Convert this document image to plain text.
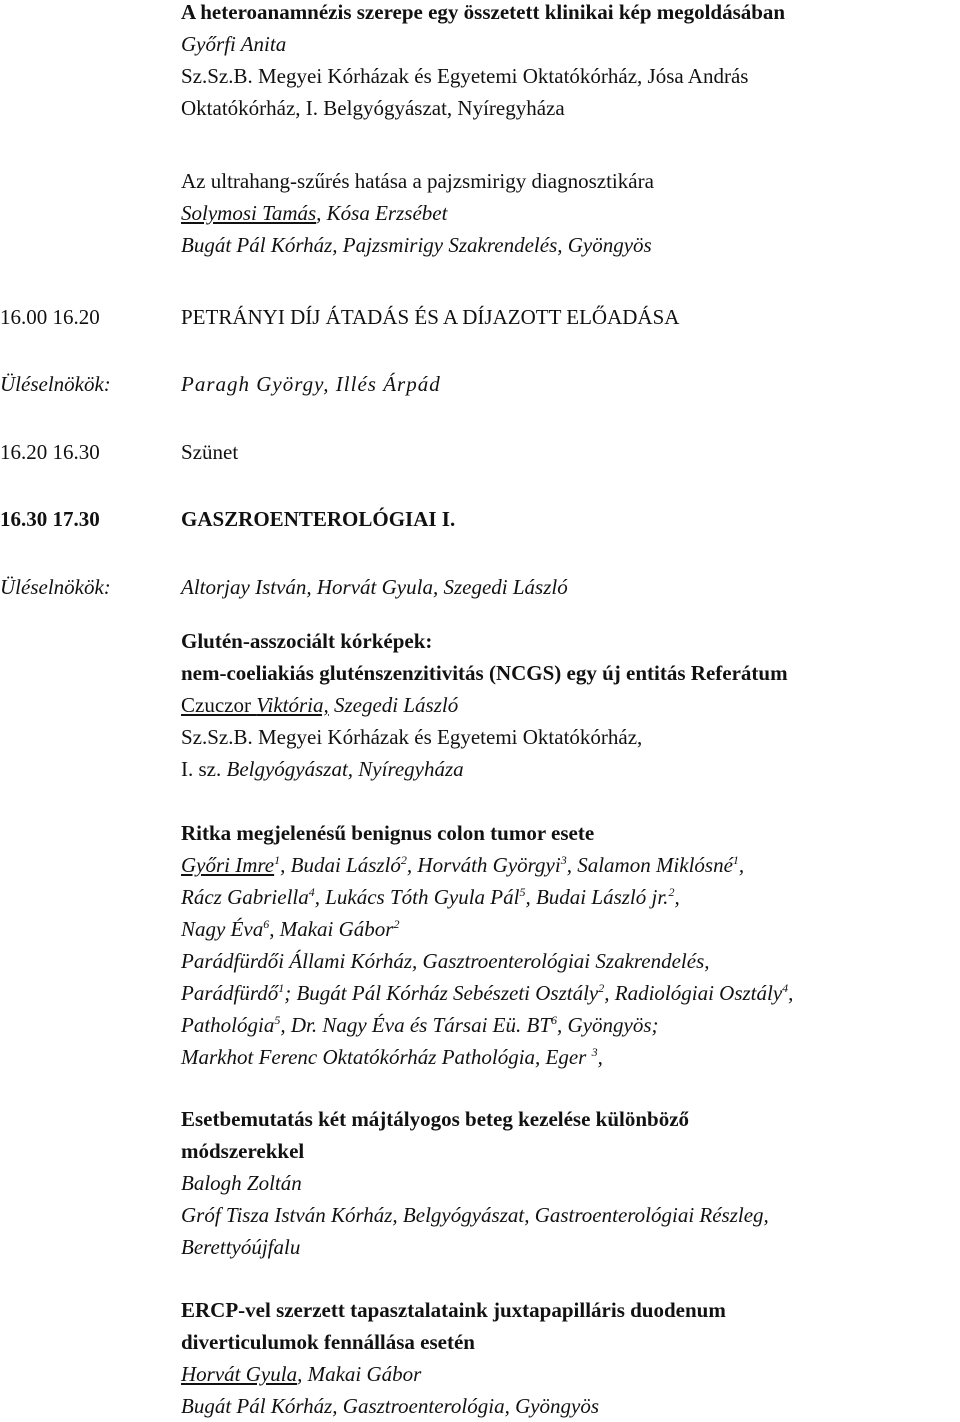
A heteroanamnézis szerepe egy összetett klinikai kép megoldásában
Győrfi Anita
Sz.Sz.B. Megyei Kórházak és Egyetemi Oktatókórház, Jósa András
Oktatókórház, I. Belgyógyászat, Nyíregyháza
Az ultrahang-szűrés hatása a pajzsmirigy diagnosztikára
Solymosi Tamás, Kósa Erzsébet
Bugát Pál Kórház, Pajzsmirigy Szakrendelés, Gyöngyös
16.00 16.20	PETRÁNYI DÍJ ÁTADÁS ÉS A DÍJAZOTT ELŐADÁSA
Üléselnökök:	Paragh György, Illés Árpád
16.20 16.30	Szünet
16.30 17.30	GASZROENTEROLÓGIAI I.
Üléselnökök:	Altorjay István, Horvát Gyula, Szegedi László
Glutén-asszociált kórképek:
nem-coeliakiás gluténszenzitivitás (NCGS) egy új entitás Referátum
Czuczor Viktória, Szegedi László
Sz.Sz.B. Megyei Kórházak és Egyetemi Oktatókórház,
I. sz. Belgyógyászat, Nyíregyháza
Ritka megjelenésű benignus colon tumor esete
Győri Imre$^1$, Budai László$^2$, Horváth Györgyi$^3$, Salamon Miklósné$^1$,
Rácz Gabriella$^4$, Lukács Tóth Gyula Pál$^5$, Budai László jr.$^2$,
Nagy Éva$^6$, Makai Gábor$^2$
Parádfürdői Állami Kórház, Gasztroenterológiai Szakrendelés,
Parádfürdő$^1$; Bugát Pál Kórház Sebészeti Osztály$^2$, Radiológiai Osztály$^4$,
Pathológia$^5$, Dr. Nagy Éva és Társai Eü. $BT^6$, Gyöngyös;
Markhot Ferenc Oktatókórház Pathológia, Eger $^3$,
Esetbemutatás két májtályogos beteg kezelése különböző
módszerekkel
Balogh Zoltán
Gróf Tisza István Kórház, Belgyógyászat, Gastroenterológiai Részleg,
Berettyóújfalu
ERCP-vel szerzett tapasztalataink juxtapapilláris duodenum
diverticulumok fennállása esetén
Horvát Gyula, Makai Gábor
Bugát Pál Kórház, Gasztroenterológia, Gyöngyös
